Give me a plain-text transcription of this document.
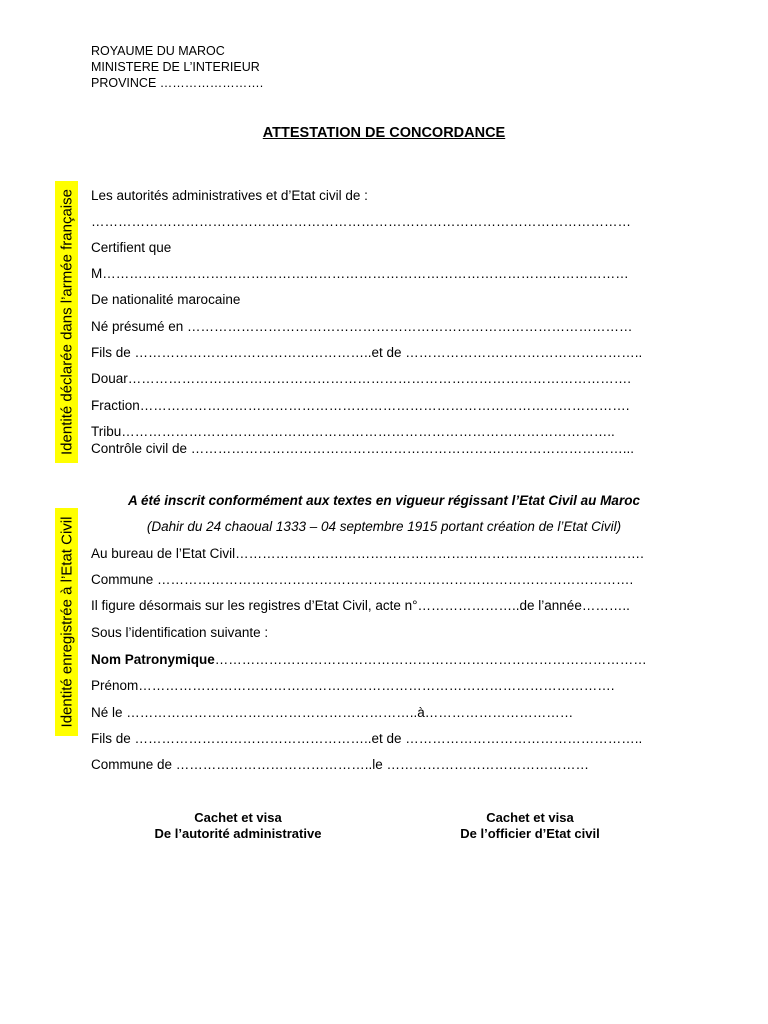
ROYAUME DU MAROC
MINISTERE DE L’INTERIEUR
PROVINCE …………………….
ATTESTATION DE CONCORDANCE
Identité déclarée dans l’armée française
Identité enregistrée à l’Etat Civil
Les autorités administratives et d’Etat civil de :
…………………………………………………………………………………………………………
Certifient que
M………………………………………………………………………………………………………
De nationalité marocaine
Né présumé en ………………………………………………………………………………………
Fils de ……………………………………………..et de ……………………………………………..
Douar………………………………………………………………………………………………….
Fraction……………………………………………………………………………………………….
Tribu………………………………………………………………………………………………..
Contrôle civil de ……………………………………………………………………………………...
A été inscrit conformément aux textes en vigueur régissant l’Etat Civil au Maroc
(Dahir du 24 chaoual 1333 – 04 septembre 1915 portant création de l’Etat Civil)
Au bureau de l’Etat Civil……………………………………………………………………………….
Commune …………………………………………………………………………………………….
Il figure désormais sur les registres d’Etat Civil, acte n°…………………..de l’année………..
Sous l’identification suivante :
Nom Patronymique……………………………………………………………………………………
Prénom…………………………………………………………………………………………….
Né le ………………………………………………………..à……………………………
Fils de ……………………………………………..et de ……………………………………………..
Commune de ……………………………………..le ………………………………………
Cachet et visa
De l’autorité administrative
Cachet et visa
De l’officier d’Etat civil
